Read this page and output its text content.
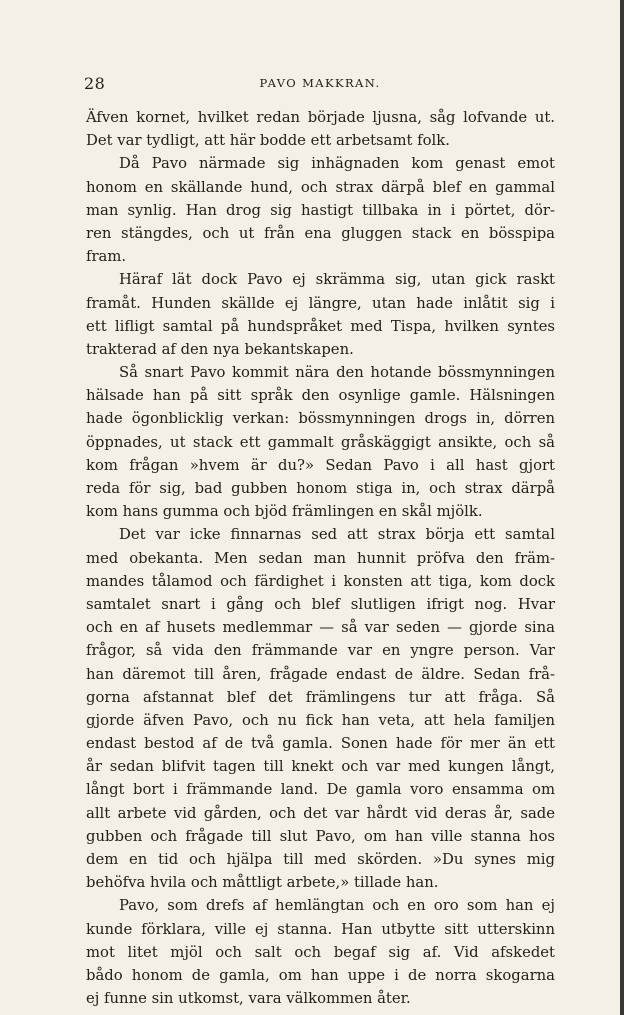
28	PAVO MAKKRAN.
Äfven kornet, hvilket redan började ljusna, såg lofvande ut.
Det var tydligt, att här bodde ett arbetsamt folk.
Då Pavo närmade sig inhägnaden kom genast emot
honom en skällande hund, och strax därpå blef en gammal
man synlig. Han drog sig hastigt tillbaka in i pörtet, dör-
ren stängdes, och ut från ena gluggen stack en bösspipa
fram.
Häraf lät dock Pavo ej skrämma sig, utan gick raskt
framåt. Hunden skällde ej längre, utan hade inlåtit sig i
ett lifligt samtal på hundspråket med Tispa, hvilken syntes
trakterad af den nya bekantskapen.
Så snart Pavo kommit nära den hotande bössmynningen
hälsade han på sitt språk den osynlige gamle. Hälsningen
hade ögonblicklig verkan: bössmynningen drogs in, dörren
öppnades, ut stack ett gammalt gråskäggigt ansikte, och så
kom frågan »hvem är du?» Sedan Pavo i all hast gjort
reda för sig, bad gubben honom stiga in, och strax därpå
kom hans gumma och bjöd främlingen en skål mjölk.
Det var icke finnarnas sed att strax börja ett samtal
med obekanta. Men sedan man hunnit pröfva den främ-
mandes tålamod och färdighet i konsten att tiga, kom dock
samtalet snart i gång och blef slutligen ifrigt nog. Hvar
och en af husets medlemmar — så var seden — gjorde sina
frågor, så vida den främmande var en yngre person. Var
han däremot till åren, frågade endast de äldre. Sedan frå-
gorna afstannat blef det främlingens tur att fråga. Så
gjorde äfven Pavo, och nu fick han veta, att hela familjen
endast bestod af de två gamla. Sonen hade för mer än ett
år sedan blifvit tagen till knekt och var med kungen långt,
långt bort i främmande land. De gamla voro ensamma om
allt arbete vid gården, och det var hårdt vid deras år, sade
gubben och frågade till slut Pavo, om han ville stanna hos
dem en tid och hjälpa till med skörden. »Du synes mig
behöfva hvila och måttligt arbete,» tillade han.
Pavo, som drefs af hemlängtan och en oro som han ej
kunde förklara, ville ej stanna. Han utbytte sitt utterskinn
mot litet mjöl och salt och begaf sig af. Vid afskedet
bådo honom de gamla, om han uppe i de norra skogarna
ej funne sin utkomst, vara välkommen åter.
